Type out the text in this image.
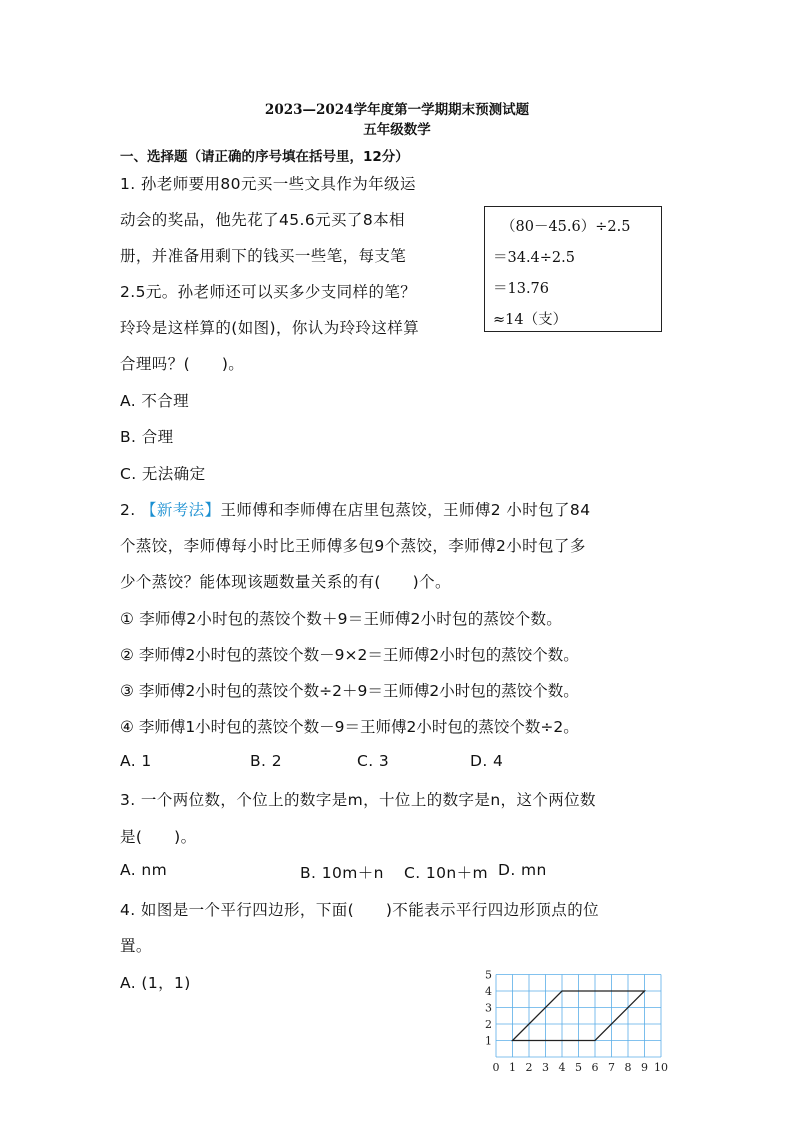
2023—2024学年度第一学期期末预测试题
五年级数学
一、选择题（请正确的序号填在括号里，12分）
1. 孙老师要用80元买一些文具作为年级运
动会的奖品，他先花了45.6元买了8本相
册，并准备用剩下的钱买一些笔，每支笔
2.5元。孙老师还可以买多少支同样的笔？
玲玲是这样算的(如图)，你认为玲玲这样算
合理吗？(　　)。
（80－45.6）÷2.5
＝34.4÷2.5
＝13.76
≈14（支）
A. 不合理
B. 合理
C. 无法确定
2. 【新考法】王师傅和李师傅在店里包蒸饺，王师傅2 小时包了84
个蒸饺，李师傅每小时比王师傅多包9个蒸饺，李师傅2小时包了多
少个蒸饺？能体现该题数量关系的有(　　)个。
① 李师傅2小时包的蒸饺个数＋9＝王师傅2小时包的蒸饺个数。
② 李师傅2小时包的蒸饺个数－9×2＝王师傅2小时包的蒸饺个数。
③ 李师傅2小时包的蒸饺个数÷2＋9＝王师傅2小时包的蒸饺个数。
④ 李师傅1小时包的蒸饺个数－9＝王师傅2小时包的蒸饺个数÷2。
A. 1	B. 2	C. 3	D. 4
3. 一个两位数，个位上的数字是m，十位上的数字是n，这个两位数
是(　　)。
A. nm	B. 10m＋n C. 10n＋m D. mn
4. 如图是一个平行四边形，下面(　　)不能表示平行四边形顶点的位
置。
A. (1，1)
0 1 2 3 4 5 6 7 8 9 10
1
2
3
4
5
